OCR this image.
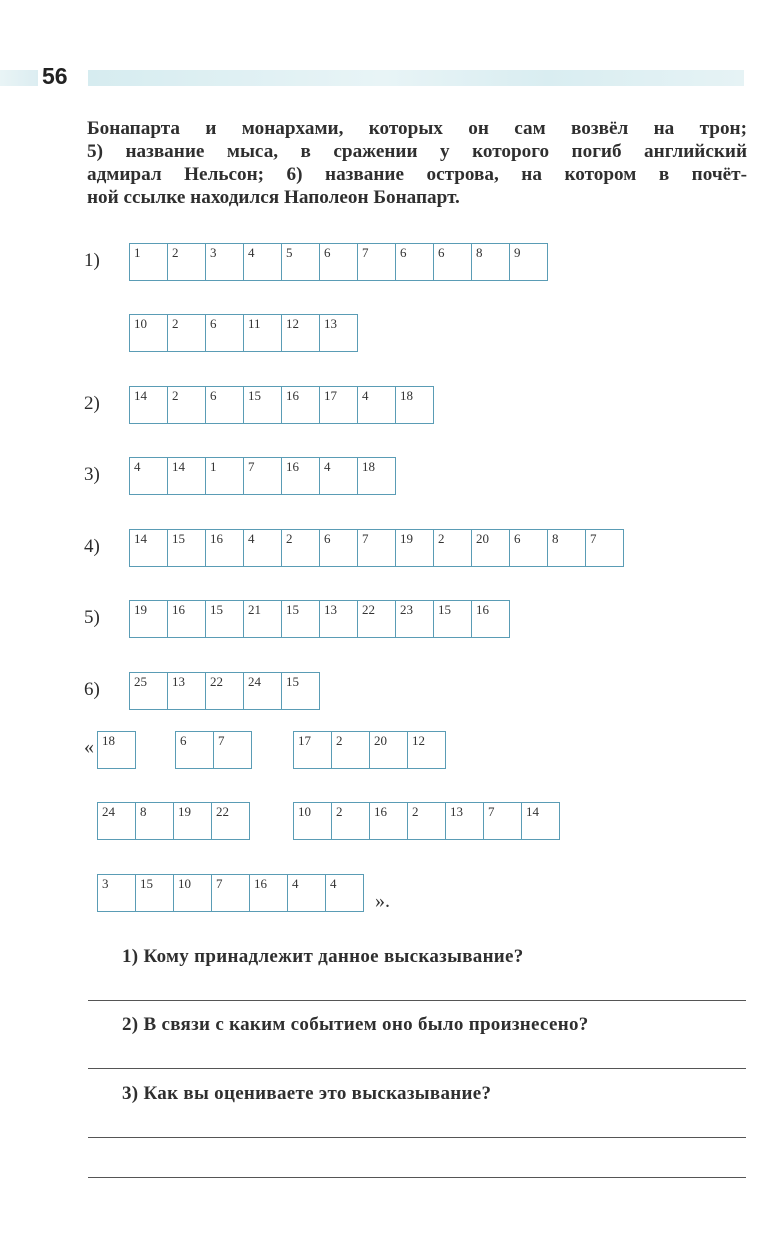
56
Бонапарта и монархами, которых он сам возвёл на трон;
5) название мыса, в сражении у которого погиб английский
адмирал Нельсон; 6) название острова, на котором в почёт-
ной ссылке находился Наполеон Бонапарт.
1)	1	2	3	4	5	6	7	6	6	8	9
10	2	6	11	12	13
2)	14	2	6	15	16	17	4	18
3)	4	14	1	7	16	4	18
4)	14	15	16	4	2	6	7	19	2	20	6	8	7
5)	19	16	15	21	15	13	22	23	15	16
6)	25	13	22	24	15
« 18	6	7	17	2	20	12
24	8	19	22	10	2	16	2	13	7	14
3	15	10	7	16	4	4
».
1) Кому принадлежит данное высказывание?
2) В связи с каким событием оно было произнесено?
3) Как вы оцениваете это высказывание?
